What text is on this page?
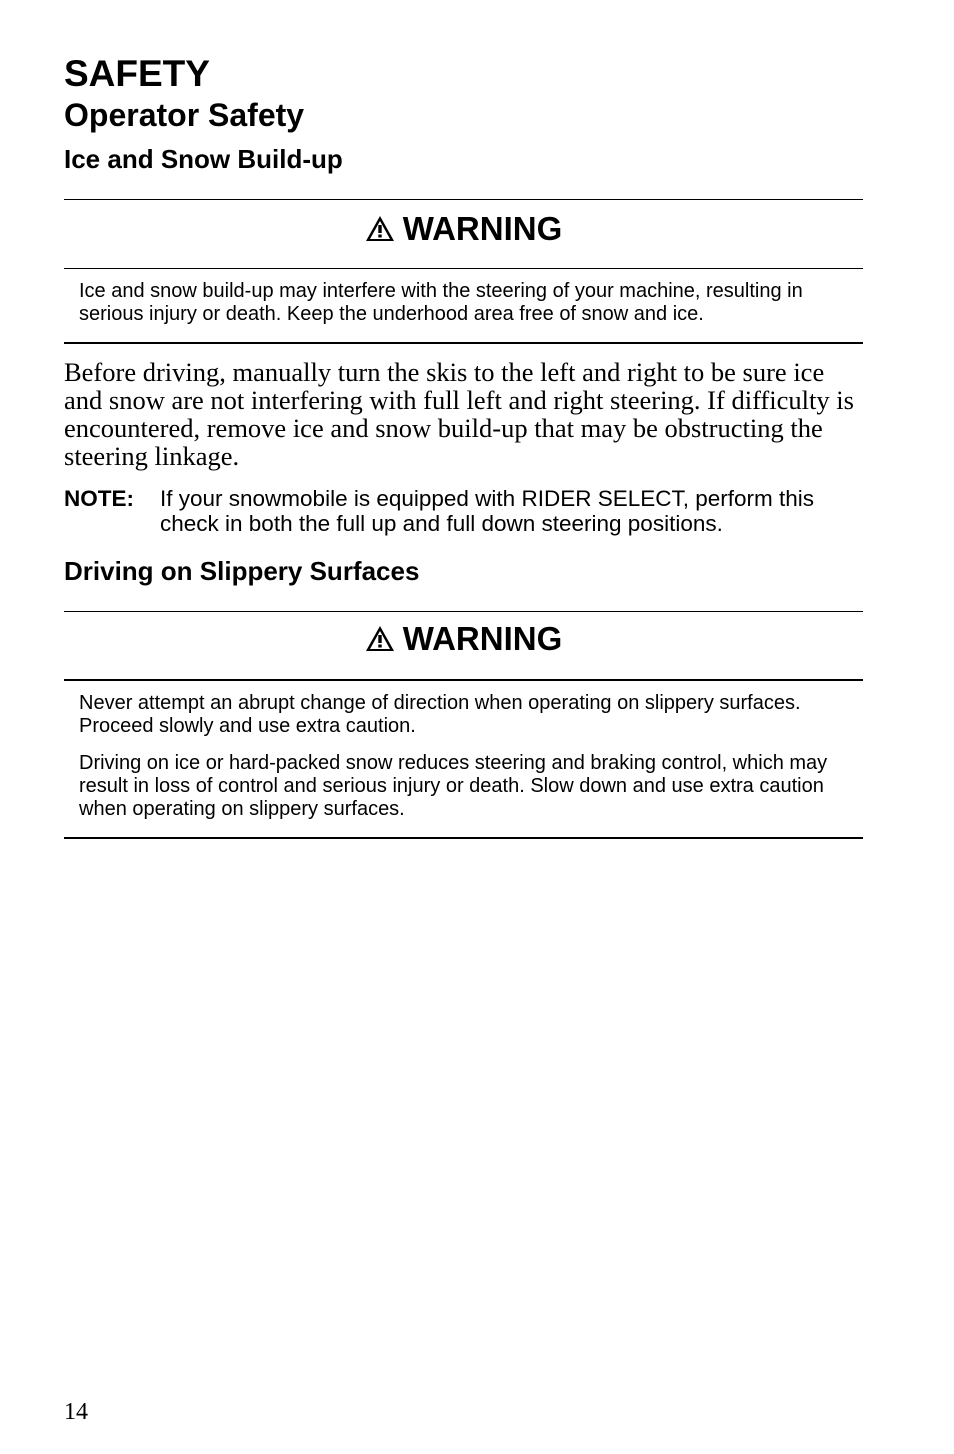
SAFETY
Operator Safety
Ice and Snow Build-up
WARNING

Ice and snow build-up may interfere with the steering of your machine, resulting in serious injury or death. Keep the underhood area free of snow and ice.

Before driving, manually turn the skis to the left and right to be sure ice and snow are not interfering with full left and right steering. If difficulty is encountered, remove ice and snow build-up that may be obstructing the steering linkage.

NOTE: If your snowmobile is equipped with RIDER SELECT, perform this check in both the full up and full down steering positions.

Driving on Slippery Surfaces
WARNING

Never attempt an abrupt change of direction when operating on slippery surfaces. Proceed slowly and use extra caution.

Driving on ice or hard-packed snow reduces steering and braking control, which may result in loss of control and serious injury or death. Slow down and use extra caution when operating on slippery surfaces.

14
